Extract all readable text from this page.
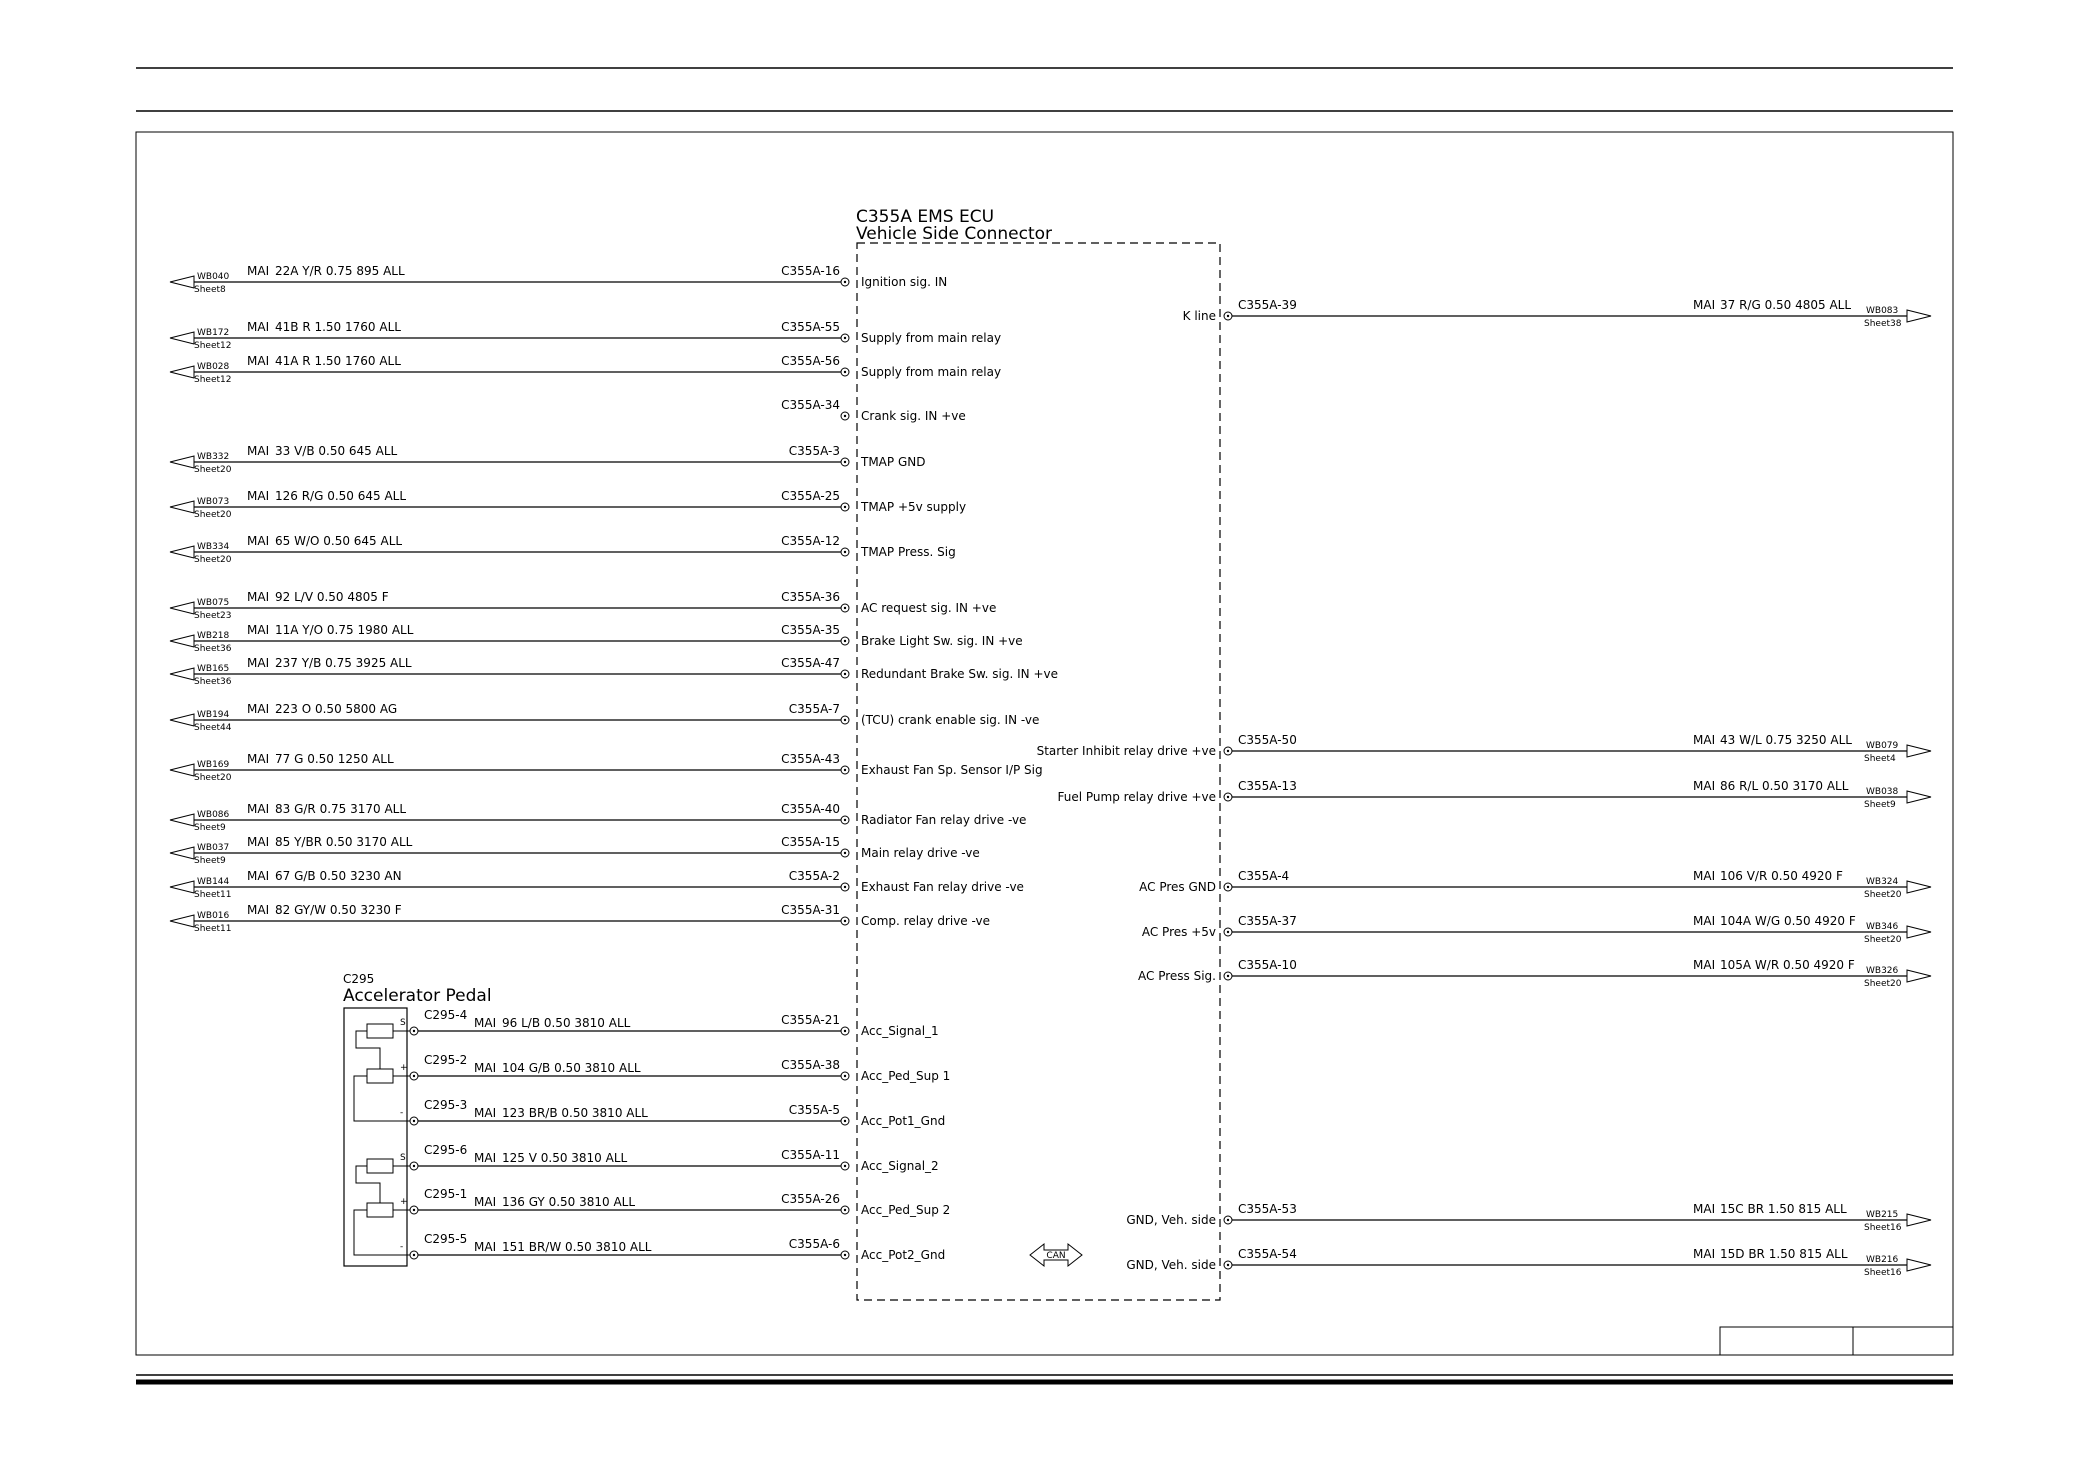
C355A EMS ECU
Vehicle Side Connector
C295
Accelerator Pedal
CAN
WB040
Sheet8
MAI 22A Y/R 0.75 895 ALL	C355A-16
Ignition sig. IN
WB172
Sheet12
MAI 41B R 1.50 1760 ALL	C355A-55
Supply from main relay
WB028
Sheet12
MAI 41A R 1.50 1760 ALL	C355A-56
Supply from main relay
C355A-34
Crank sig. IN +ve
WB332
Sheet20
MAI 33 V/B 0.50 645 ALL	C355A-3
TMAP GND
WB073
Sheet20
MAI 126 R/G 0.50 645 ALL	C355A-25
TMAP +5v supply
WB334
Sheet20
MAI 65 W/O 0.50 645 ALL	C355A-12
TMAP Press. Sig
WB075
Sheet23
MAI 92 L/V 0.50 4805 F	C355A-36
AC request sig. IN +ve
WB218
Sheet36
MAI 11A Y/O 0.75 1980 ALL	C355A-35
Brake Light Sw. sig. IN +ve
WB165
Sheet36
MAI 237 Y/B 0.75 3925 ALL	C355A-47
Redundant Brake Sw. sig. IN +ve
WB194
Sheet44
MAI 223 O 0.50 5800 AG	C355A-7
(TCU) crank enable sig. IN -ve
WB169
Sheet20
MAI 77 G 0.50 1250 ALL	C355A-43
Exhaust Fan Sp. Sensor I/P Sig
WB086
Sheet9
MAI 83 G/R 0.75 3170 ALL	C355A-40
Radiator Fan relay drive -ve
WB037
Sheet9
MAI 85 Y/BR 0.50 3170 ALL	C355A-15
Main relay drive -ve
WB144
Sheet11
MAI 67 G/B 0.50 3230 AN	C355A-2
Exhaust Fan relay drive -ve
WB016
Sheet11
MAI 82 GY/W 0.50 3230 F	C355A-31
Comp. relay drive -ve
K line
C355A-39	MAI 37 R/G 0.50 4805 ALL WB083
Sheet38
Starter Inhibit relay drive +ve
C355A-50	MAI 43 W/L 0.75 3250 ALL WB079
Sheet4
Fuel Pump relay drive +ve
C355A-13	MAI 86 R/L 0.50 3170 ALL WB038
Sheet9
AC Pres GND
C355A-4	MAI 106 V/R 0.50 4920 F	WB324
Sheet20
AC Pres +5v
C355A-37	MAI 104A W/G 0.50 4920 F WB346
Sheet20
AC Press Sig.
C355A-10	MAI 105A W/R 0.50 4920 F WB326
Sheet20
GND, Veh. side
C355A-53	MAI 15C BR 1.50 815 ALL WB215
Sheet16
GND, Veh. side
C355A-54	MAI 15D BR 1.50 815 ALL WB216
Sheet16
S
C295-4
MAI 96 L/B 0.50 3810 ALL	C355A-21
Acc_Signal_1
+
C295-2
MAI 104 G/B 0.50 3810 ALL	C355A-38
Acc_Ped_Sup 1
-
C295-3
MAI 123 BR/B 0.50 3810 ALL	C355A-5
Acc_Pot1_Gnd
S
C295-6
MAI 125 V 0.50 3810 ALL	C355A-11
Acc_Signal_2
+
C295-1
MAI 136 GY 0.50 3810 ALL	C355A-26
Acc_Ped_Sup 2
-
C295-5
MAI 151 BR/W 0.50 3810 ALL	C355A-6
Acc_Pot2_Gnd
